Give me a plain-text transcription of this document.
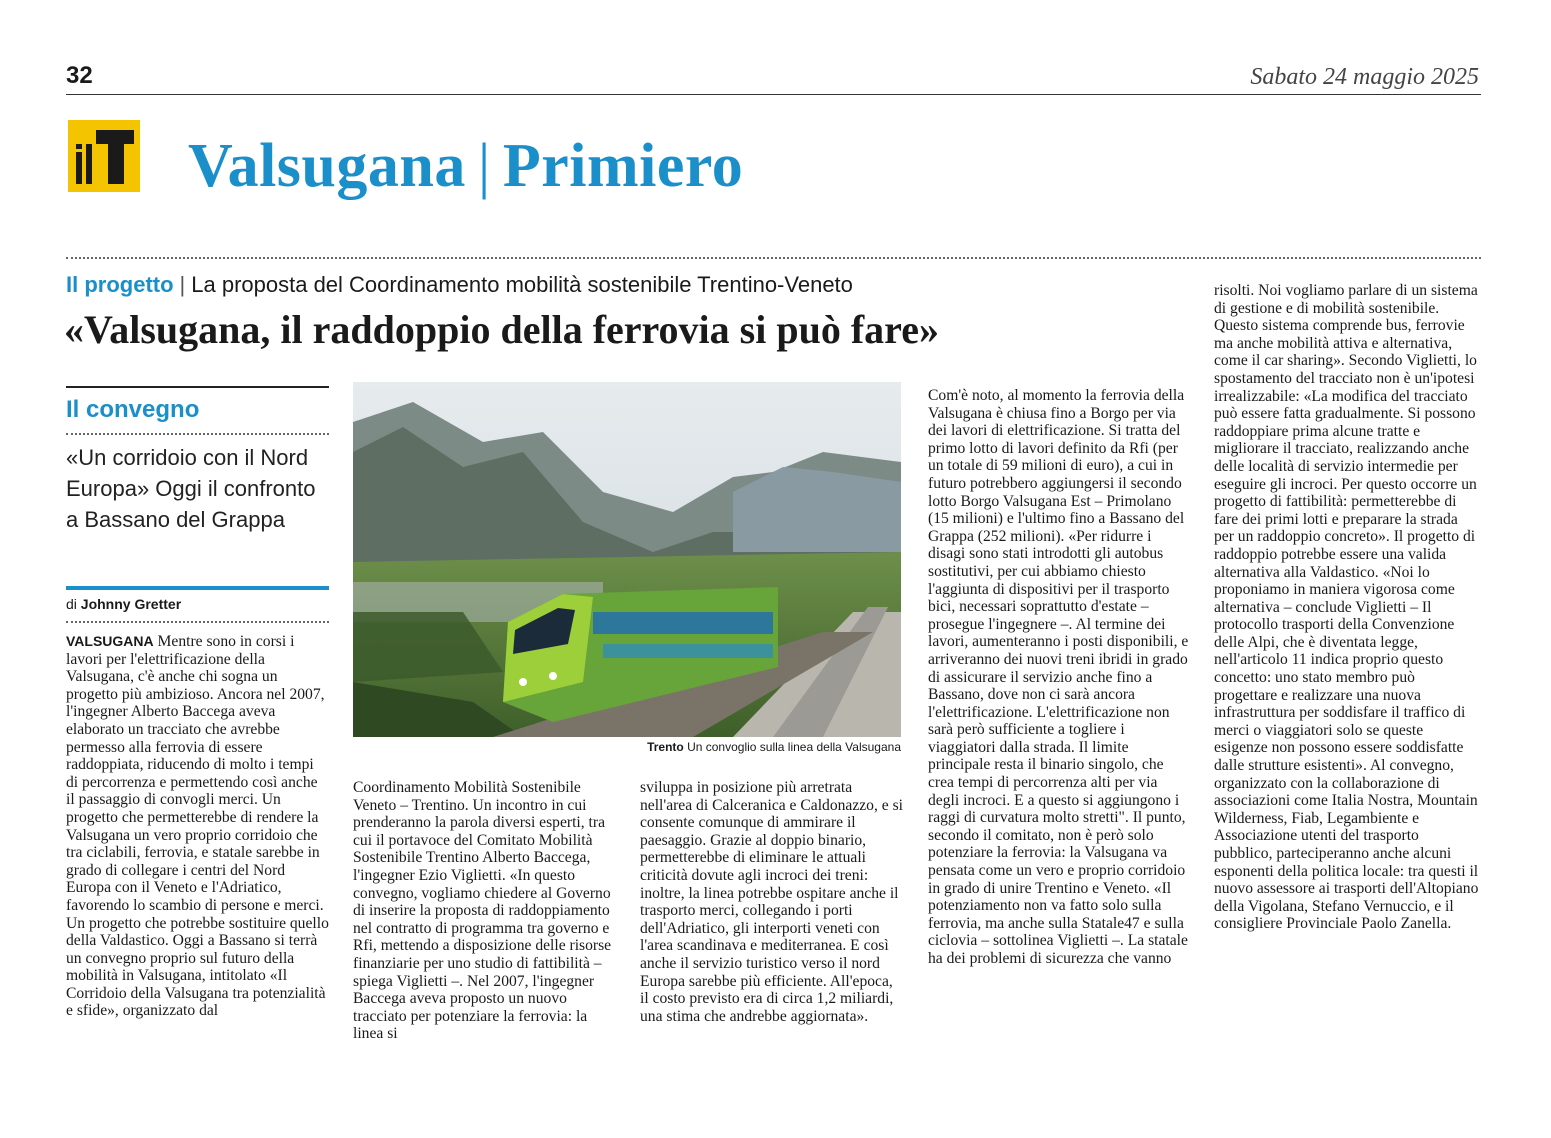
32	Sabato 24 maggio 2025
Valsugana | Primiero
Il progetto | La proposta del Coordinamento mobilità sostenibile Trentino-Veneto
«Valsugana, il raddoppio della ferrovia si può fare»
Il convegno
«Un corridoio con il Nord Europa» Oggi il confronto a Bassano del Grappa
di Johnny Gretter
VALSUGANA Mentre sono in corsi i lavori per l'elettrificazione della Valsugana, c'è anche chi sogna un progetto più ambizioso. Ancora nel 2007, l'ingegner Alberto Baccega aveva elaborato un tracciato che avrebbe permesso alla ferrovia di essere raddoppiata, riducendo di molto i tempi di percorrenza e permettendo così anche il passaggio di convogli merci. Un progetto che permetterebbe di rendere la Valsugana un vero proprio corridoio che tra ciclabili, ferrovia, e statale sarebbe in grado di collegare i centri del Nord Europa con il Veneto e l'Adriatico, favorendo lo scambio di persone e merci. Un progetto che potrebbe sostituire quello della Valdastico. Oggi a Bassano si terrà un convegno proprio sul futuro della mobilità in Valsugana, intitolato «Il Corridoio della Valsugana tra potenzialità e sfide», organizzato dal
Trento Un convoglio sulla linea della Valsugana
Coordinamento Mobilità Sostenibile Veneto – Trentino. Un incontro in cui prenderanno la parola diversi esperti, tra cui il portavoce del Comitato Mobilità Sostenibile Trentino Alberto Baccega, l'ingegner Ezio Viglietti. «In questo convegno, vogliamo chiedere al Governo di inserire la proposta di raddoppiamento nel contratto di programma tra governo e Rfi, mettendo a disposizione delle risorse finanziarie per uno studio di fattibilità – spiega Viglietti –. Nel 2007, l'ingegner Baccega aveva proposto un nuovo tracciato per potenziare la ferrovia: la linea si
sviluppa in posizione più arretrata nell'area di Calceranica e Caldonazzo, e si consente comunque di ammirare il paesaggio. Grazie al doppio binario, permetterebbe di eliminare le attuali criticità dovute agli incroci dei treni: inoltre, la linea potrebbe ospitare anche il trasporto merci, collegando i porti dell'Adriatico, gli interporti veneti con l'area scandinava e mediterranea. E così anche il servizio turistico verso il nord Europa sarebbe più efficiente. All'epoca, il costo previsto era di circa 1,2 miliardi, una stima che andrebbe aggiornata».
Com'è noto, al momento la ferrovia della Valsugana è chiusa fino a Borgo per via dei lavori di elettrificazione. Si tratta del primo lotto di lavori definito da Rfi (per un totale di 59 milioni di euro), a cui in futuro potrebbero aggiungersi il secondo lotto Borgo Valsugana Est – Primolano (15 milioni) e l'ultimo fino a Bassano del Grappa (252 milioni). «Per ridurre i disagi sono stati introdotti gli autobus sostitutivi, per cui abbiamo chiesto l'aggiunta di dispositivi per il trasporto bici, necessari soprattutto d'estate – prosegue l'ingegnere –. Al termine dei lavori, aumenteranno i posti disponibili, e arriveranno dei nuovi treni ibridi in grado di assicurare il servizio anche fino a Bassano, dove non ci sarà ancora l'elettrificazione. L'elettrificazione non sarà però sufficiente a togliere i viaggiatori dalla strada. Il limite principale resta il binario singolo, che crea tempi di percorrenza alti per via degli incroci. E a questo si aggiungono i raggi di curvatura molto stretti". Il punto, secondo il comitato, non è però solo potenziare la ferrovia: la Valsugana va pensata come un vero e proprio corridoio in grado di unire Trentino e Veneto. «Il potenziamento non va fatto solo sulla ferrovia, ma anche sulla Statale47 e sulla ciclovia – sottolinea Viglietti –. La statale ha dei problemi di sicurezza che vanno
risolti. Noi vogliamo parlare di un sistema di gestione e di mobilità sostenibile. Questo sistema comprende bus, ferrovie ma anche mobilità attiva e alternativa, come il car sharing». Secondo Viglietti, lo spostamento del tracciato non è un'ipotesi irrealizzabile: «La modifica del tracciato può essere fatta gradualmente. Si possono raddoppiare prima alcune tratte e migliorare il tracciato, realizzando anche delle località di servizio intermedie per eseguire gli incroci. Per questo occorre un progetto di fattibilità: permetterebbe di fare dei primi lotti e preparare la strada per un raddoppio concreto». Il progetto di raddoppio potrebbe essere una valida alternativa alla Valdastico. «Noi lo proponiamo in maniera vigorosa come alternativa – conclude Viglietti – Il protocollo trasporti della Convenzione delle Alpi, che è diventata legge, nell'articolo 11 indica proprio questo concetto: uno stato membro può progettare e realizzare una nuova infrastruttura per soddisfare il traffico di merci o viaggiatori solo se queste esigenze non possono essere soddisfatte dalle strutture esistenti». Al convegno, organizzato con la collaborazione di associazioni come Italia Nostra, Mountain Wilderness, Fiab, Legambiente e Associazione utenti del trasporto pubblico, parteciperanno anche alcuni esponenti della politica locale: tra questi il nuovo assessore ai trasporti dell'Altopiano della Vigolana, Stefano Vernuccio, e il consigliere Provinciale Paolo Zanella.
